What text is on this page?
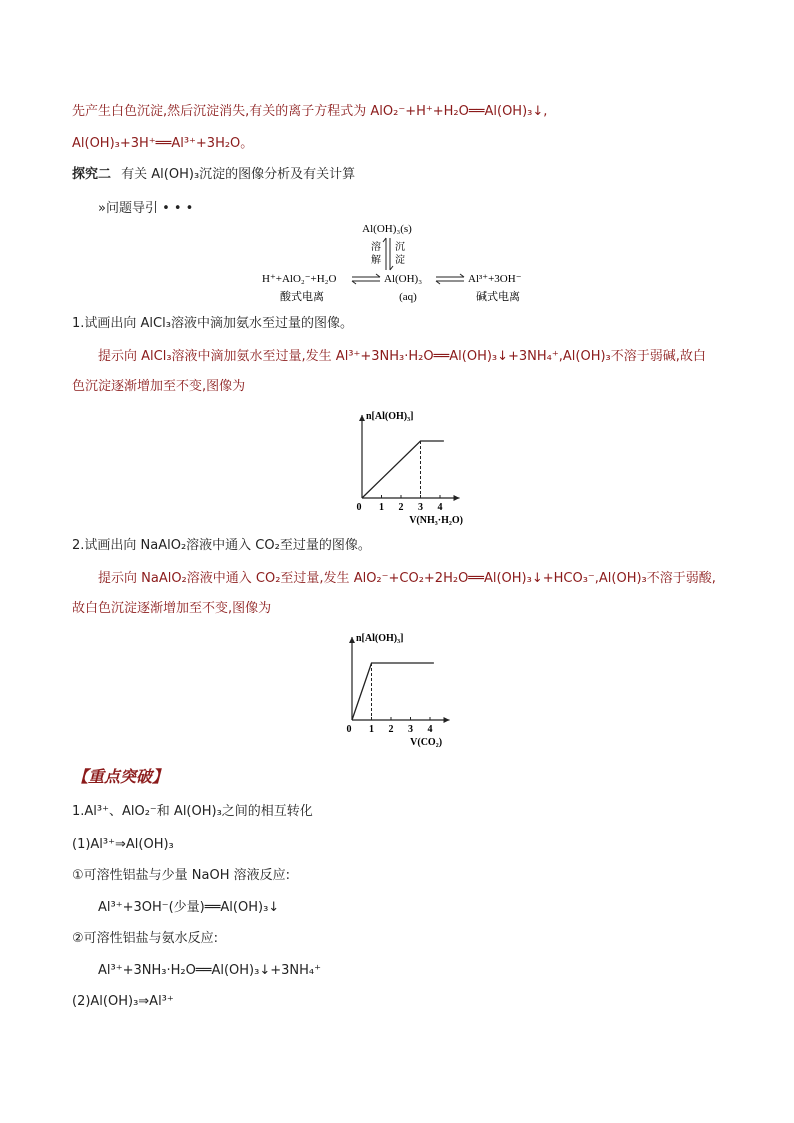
先产生白色沉淀,然后沉淀消失,有关的离子方程式为 AlO₂⁻+H⁺+H₂O══Al(OH)₃↓,
Al(OH)₃+3H⁺══Al³⁺+3H₂O。
探究二 有关 Al(OH)₃沉淀的图像分析及有关计算
»问题导引 • • •
Al(OH)₃(s)
溶 沉
解 淀
H⁺+AlO₂⁻+H₂O	Al(OH)₃	Al³⁺+3OH⁻
酸式电离	(aq)	碱式电离
1.试画出向 AlCl₃溶液中滴加氨水至过量的图像。
提示向 AlCl₃溶液中滴加氨水至过量,发生 Al³⁺+3NH₃·H₂O══Al(OH)₃↓+3NH₄⁺,Al(OH)₃不溶于弱碱,故白
色沉淀逐渐增加至不变,图像为
n[Al(OH)₃]
0 1 2 3 4
V(NH₃·H₂O)
2.试画出向 NaAlO₂溶液中通入 CO₂至过量的图像。
提示向 NaAlO₂溶液中通入 CO₂至过量,发生 AlO₂⁻+CO₂+2H₂O══Al(OH)₃↓+HCO₃⁻,Al(OH)₃不溶于弱酸,
故白色沉淀逐渐增加至不变,图像为
n[Al(OH)₃]
0 1 2 3 4
V(CO₂)
【重点突破】
1.Al³⁺、AlO₂⁻和 Al(OH)₃之间的相互转化
(1)Al³⁺⇒Al(OH)₃
①可溶性铝盐与少量 NaOH 溶液反应:
Al³⁺+3OH⁻(少量)══Al(OH)₃↓
②可溶性铝盐与氨水反应:
Al³⁺+3NH₃·H₂O══Al(OH)₃↓+3NH₄⁺
(2)Al(OH)₃⇒Al³⁺
